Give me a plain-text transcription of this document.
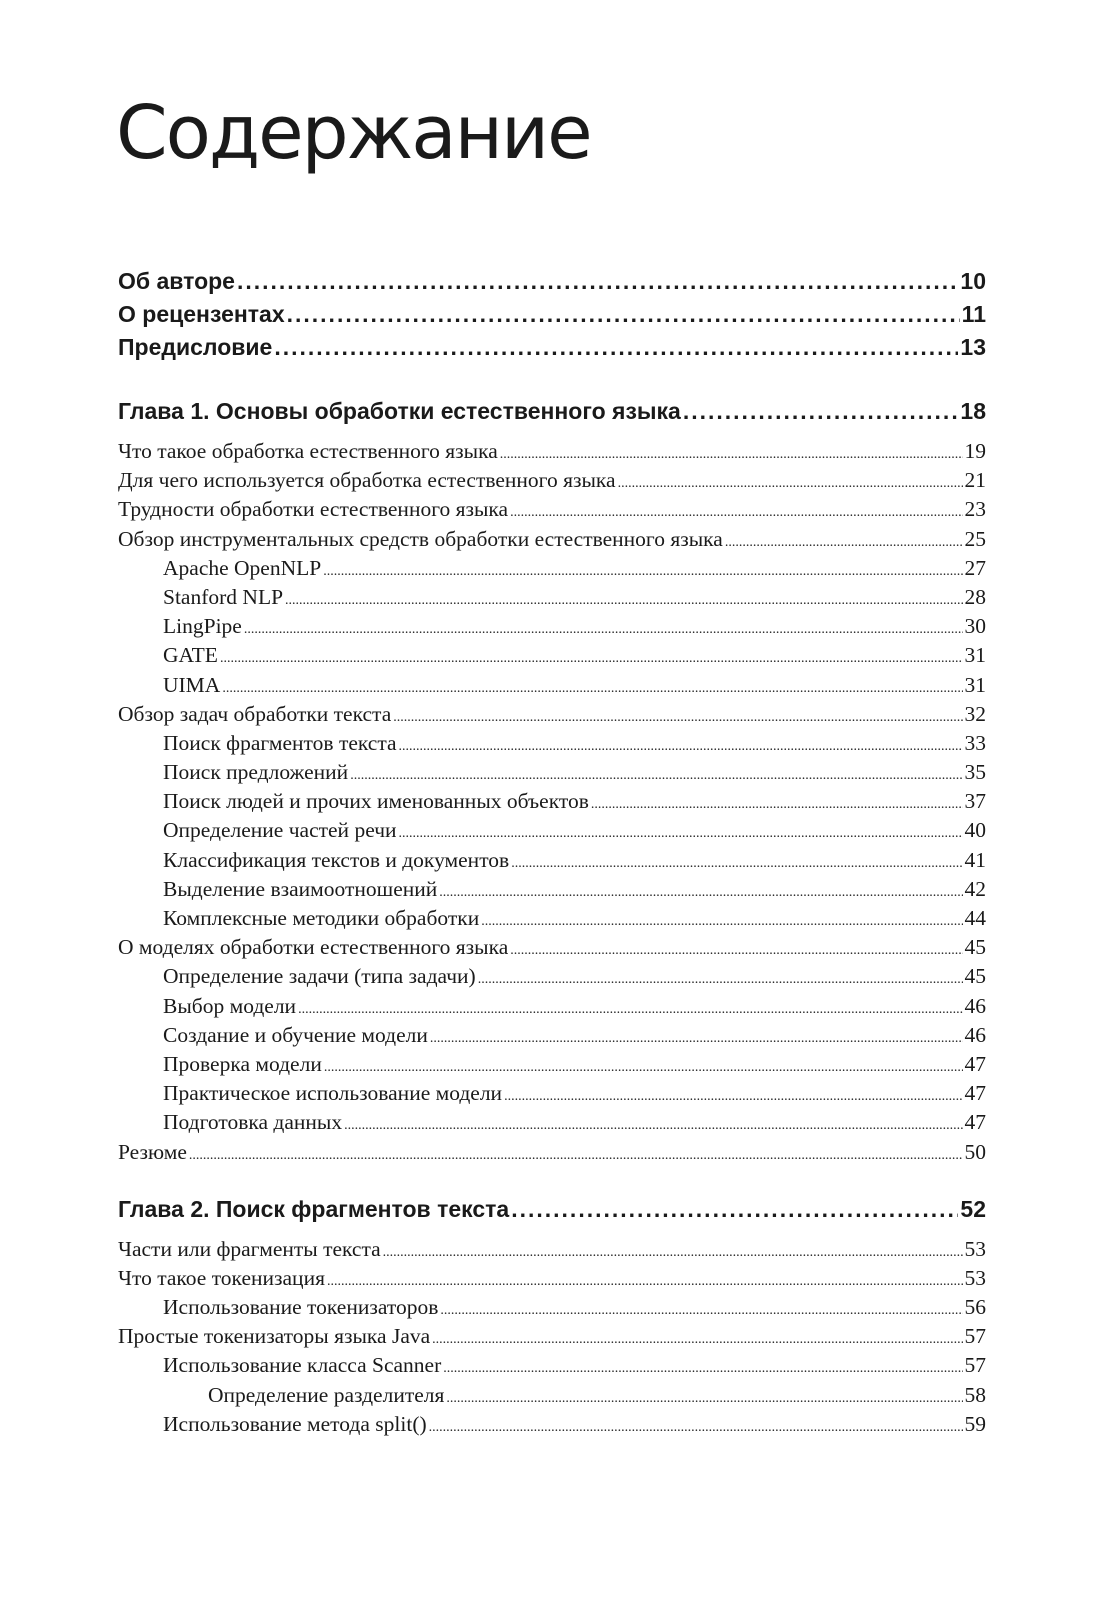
Содержание
Об авторе .....	10
О рецензентах .....	11
Предисловие .....	13
Глава 1. Основы обработки естественного языка .....	18
Что такое обработка естественного языка .....	19
Для чего используется обработка естественного языка .....	21
Трудности обработки естественного языка .....	23
Обзор инструментальных средств обработки естественного языка .....	25
Apache OpenNLP .....	27
Stanford NLP .....	28
LingPipe .....	30
GATE .....	31
UIMA .....	31
Обзор задач обработки текста .....	32
Поиск фрагментов текста .....	33
Поиск предложений .....	35
Поиск людей и прочих именованных объектов .....	37
Определение частей речи .....	40
Классификация текстов и документов .....	41
Выделение взаимоотношений .....	42
Комплексные методики обработки .....	44
О моделях обработки естественного языка .....	45
Определение задачи (типа задачи) .....	45
Выбор модели .....	46
Создание и обучение модели .....	46
Проверка модели .....	47
Практическое использование модели .....	47
Подготовка данных .....	47
Резюме .....	50
Глава 2. Поиск фрагментов текста .....	52
Части или фрагменты текста .....	53
Что такое токенизация .....	53
Использование токенизаторов .....	56
Простые токенизаторы языка Java .....	57
Использование класса Scanner .....	57
Определение разделителя .....	58
Использование метода split() .....	59
